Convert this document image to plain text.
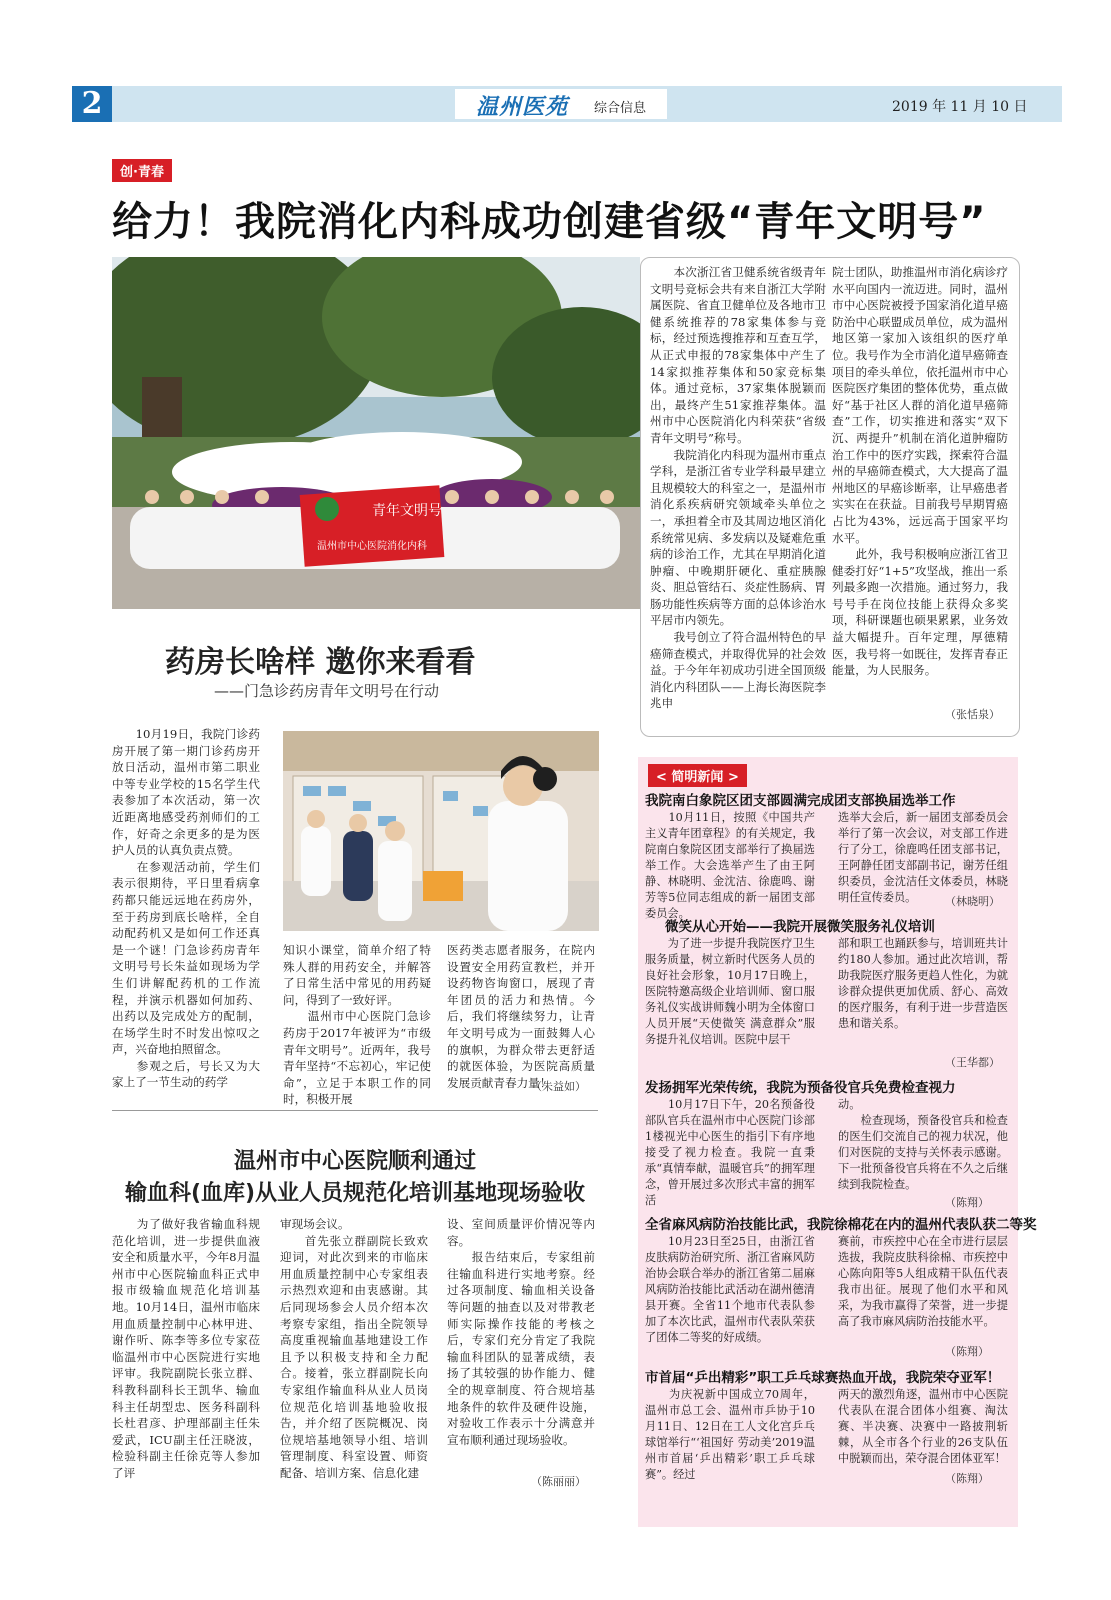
2	温州医苑 综合信息	2019 年 11 月 10 日
创·青春
给力！我院消化内科成功创建省级“青年文明号”
青年文明号
温州市中心医院消化内科
　　本次浙江省卫健系统省级青年文明号竞标会共有来自浙江大学附属医院、省直卫健单位及各地市卫健系统推荐的78家集体参与竞标，经过预选搜推荐和互查互学，从正式申报的78家集体中产生了14家拟推荐集体和50家竞标集体。通过竞标，37家集体脱颖而出，最终产生51家推荐集体。温州市中心医院消化内科荣获“省级青年文明号”称号。
　　我院消化内科现为温州市重点学科，是浙江省专业学科最早建立且规模较大的科室之一，是温州市消化系疾病研究领域牵头单位之一，承担着全市及其周边地区消化系统常见病、多发病以及疑难危重病的诊治工作，尤其在早期消化道肿瘤、中晚期肝硬化、重症胰腺炎、胆总管结石、炎症性肠病、胃肠功能性疾病等方面的总体诊治水平居市内领先。
　　我号创立了符合温州特色的早癌筛查模式，并取得优异的社会效益。于今年年初成功引进全国顶级消化内科团队——上海长海医院李兆申
院士团队，助推温州市消化病诊疗水平向国内一流迈进。同时，温州市中心医院被授予国家消化道早癌防治中心联盟成员单位，成为温州地区第一家加入该组织的医疗单位。我号作为全市消化道早癌筛查项目的牵头单位，依托温州市中心医院医疗集团的整体优势，重点做好“基于社区人群的消化道早癌筛查”工作，切实推进和落实“双下沉、两提升”机制在消化道肿瘤防治工作中的医疗实践，探索符合温州的早癌筛查模式，大大提高了温州地区的早癌诊断率，让早癌患者实实在在获益。目前我号早期胃癌占比为43%，远远高于国家平均水平。
　　此外，我号积极响应浙江省卫健委打好“1+5”攻坚战，推出一系列最多跑一次措施。通过努力，我号号手在岗位技能上获得众多奖项，科研课题也硕果累累，业务效益大幅提升。百年定理，厚德精医，我号将一如既往，发挥青春正能量，为人民服务。
（张恬泉）
药房长啥样 邀你来看看
——门急诊药房青年文明号在行动
　　10月19日，我院门诊药房开展了第一期门诊药房开放日活动，温州市第二职业中等专业学校的15名学生代表参加了本次活动，第一次近距离地感受药剂师们的工作，好奇之余更多的是为医护人员的认真负责点赞。
　　在参观活动前，学生们表示很期待，平日里看病拿药都只能远远地在药房外，至于药房到底长啥样，全自动配药机又是如何工作还真是一个谜！门急诊药房青年文明号号长朱益如现场为学生们讲解配药机的工作流程，并演示机器如何加药、出药以及完成处方的配制，在场学生时不时发出惊叹之声，兴奋地拍照留念。
　　参观之后，号长又为大家上了一节生动的药学
知识小课堂，简单介绍了特殊人群的用药安全，并解答了日常生活中常见的用药疑问，得到了一致好评。
　　温州市中心医院门急诊药房于2017年被评为“市级青年文明号”。近两年，我号青年坚持“不忘初心，牢记使命”，立足于本职工作的同时，积极开展
医药类志愿者服务，在院内设置安全用药宣教栏，并开设药物咨询窗口，展现了青年团员的活力和热情。今后，我们将继续努力，让青年文明号成为一面鼓舞人心的旗帜，为群众带去更舒适的就医体验，为医院高质量发展贡献青春力量！
（朱益如）
温州市中心医院顺利通过
输血科(血库)从业人员规范化培训基地现场验收
　　为了做好我省输血科规范化培训，进一步提供血液安全和质量水平，今年8月温州市中心医院输血科正式申报市级输血规范化培训基地。10月14日，温州市临床用血质量控制中心林甲进、谢作听、陈李等多位专家莅临温州市中心医院进行实地评审。我院副院长张立群、科教科副科长王凯华、输血科主任胡型忠、医务科副科长杜君彦、护理部副主任朱爱武，ICU副主任汪晓波，检验科副主任徐克等人参加了评
审现场会议。
　　首先张立群副院长致欢迎词，对此次到来的市临床用血质量控制中心专家组表示热烈欢迎和由衷感谢。其后同现场参会人员介绍本次考察专家组，指出全院领导高度重视输血基地建设工作且予以积极支持和全力配合。接着，张立群副院长向专家组作输血科从业人员岗位规范化培训基地验收报告，并介绍了医院概况、岗位规培基地领导小组、培训管理制度、科室设置、师资配备、培训方案、信息化建
设、室间质量评价情况等内容。
　　报告结束后，专家组前往输血科进行实地考察。经过各项制度、输血相关设备等问题的抽查以及对带教老师实际操作技能的考核之后，专家们充分肯定了我院输血科团队的显著成绩，表扬了其较强的协作能力、健全的规章制度、符合规培基地条件的软件及硬件设施，对验收工作表示十分满意并宣布顺利通过现场验收。
（陈丽丽）
< 简明新闻 >
我院南白象院区团支部圆满完成团支部换届选举工作
　　10月11日，按照《中国共产主义青年团章程》的有关规定，我院南白象院区团支部举行了换届选举工作。大会选举产生了由王阿静、林晓明、金沈洁、徐鹿鸣、谢芳等5位同志组成的新一届团支部委员会。
选举大会后，新一届团支部委员会举行了第一次会议，对支部工作进行了分工，徐鹿鸣任团支部书记，王阿静任团支部副书记，谢芳任组织委员，金沈洁任文体委员，林晓明任宣传委员。	（林晓明）
微笑从心开始——我院开展微笑服务礼仪培训
　　为了进一步提升我院医疗卫生服务质量，树立新时代医务人员的良好社会形象，10月17日晚上，医院特邀高级企业培训师、窗口服务礼仪实战讲师魏小明为全体窗口人员开展“天使微笑 满意群众”服务提升礼仪培训。医院中层干
部和职工也踊跃参与，培训班共计约180人参加。通过此次培训，帮助我院医疗服务更趋人性化，为就诊群众提供更加优质、舒心、高效的医疗服务，有利于进一步营造医患和谐关系。
（王华都）
发扬拥军光荣传统，我院为预备役官兵免费检查视力
　　10月17日下午，20名预备役部队官兵在温州市中心医院门诊部1楼视光中心医生的指引下有序地接受了视力检查。我院一直秉承“真情奉献，温暖官兵”的拥军理念，曾开展过多次形式丰富的拥军活
动。
　　检查现场，预备役官兵和检查的医生们交流自己的视力状况，他们对医院的支持与关怀表示感谢。下一批预备役官兵将在不久之后继续到我院检查。
（陈翔）
全省麻风病防治技能比武，我院徐棉花在内的温州代表队获二等奖
　　10月23日至25日，由浙江省皮肤病防治研究所、浙江省麻风防治协会联合举办的浙江省第二届麻风病防治技能比武活动在湖州德清县开赛。全省11个地市代表队参加了本次比武，温州市代表队荣获了团体二等奖的好成绩。
赛前，市疾控中心在全市进行层层选拔，我院皮肤科徐棉、市疾控中心陈向阳等5人组成精干队伍代表我市出征。展现了他们水平和风采，为我市赢得了荣誉，进一步提高了我市麻风病防治技能水平。
（陈翔）
市首届“乒出精彩”职工乒乓球赛热血开战，我院荣夺亚军！
　　为庆祝新中国成立70周年，温州市总工会、温州市乒协于10月11日、12日在工人文化宫乒乓球馆举行“‘祖国好 劳动美’2019温州市首届‘乒出精彩’职工乒乓球赛”。经过
两天的激烈角逐，温州市中心医院代表队在混合团体小组赛、淘汰赛、半决赛、决赛中一路披荆斩棘，从全市各个行业的26支队伍中脱颖而出，荣夺混合团体亚军！
（陈翔）
